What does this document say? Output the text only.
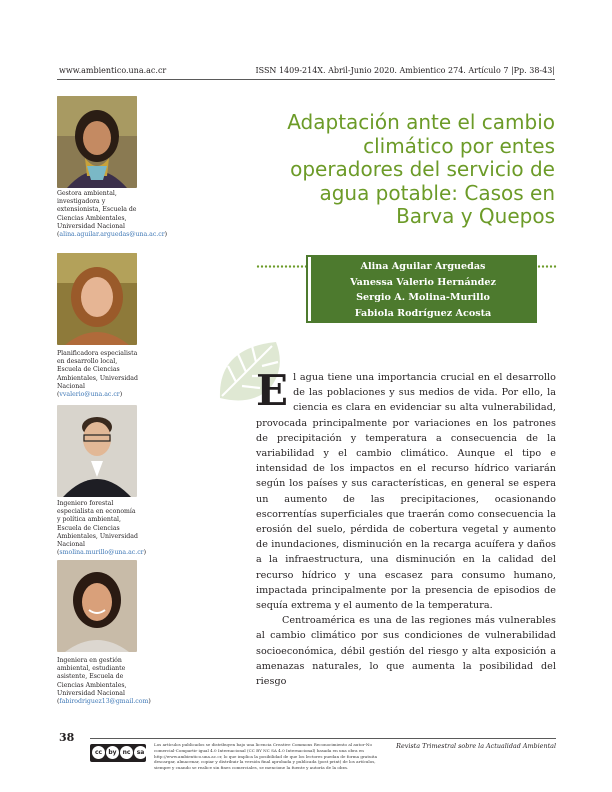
www.ambientico.una.ac.cr	ISSN 1409-214X. Abril-Junio 2020. Ambientico 274. Artículo 7 |Pp. 38-43|
Gestora ambiental, investigadora y extensionista, Escuela de Ciencias Ambientales, Universidad Nacional (alina.aguilar.arguedas@una.ac.cr)
Planificadora especialista en desarrollo local, Escuela de Ciencias Ambientales, Universidad Nacional (vvalerio@una.ac.cr)
Ingeniero forestal especialista en economía y política ambiental, Escuela de Ciencias Ambientales, Universidad Nacional (smolina.murillo@una.ac.cr)
Ingeniera en gestión ambiental, estudiante asistente, Escuela de Ciencias Ambientales, Universidad Nacional (fabirodriguez13@gmail.com)
Adaptación ante el cambio climático por entes operadores del servicio de agua potable: Casos en Barva y Quepos
Alina Aguilar Arguedas
Vanessa Valerio Hernández
Sergio A. Molina-Murillo
Fabiola Rodríguez Acosta

El agua tiene una importancia crucial en el desarrollo de las poblaciones y sus medios de vida. Por ello, la ciencia es clara en evidenciar su alta vulnerabilidad, provocada principalmente por variaciones en los patrones de precipitación y temperatura a consecuencia de la variabilidad y el cambio climático. Aunque el tipo e intensidad de los impactos en el recurso hídrico variarán según los países y sus características, en general se espera un aumento de las precipitaciones, ocasionando escorrentías superficiales que traerán como consecuencia la erosión del suelo, pérdida de cobertura vegetal y aumento de inundaciones, disminución en la recarga acuífera y daños a la infraestructura, una disminución en la calidad del recurso hídrico y una escasez para consumo humano, impactada principalmente por la presencia de episodios de sequía extrema y el aumento de la temperatura.

Centroamérica es una de las regiones más vulnerables al cambio climático por sus condiciones de vulnerabilidad socioeconómica, débil gestión del riesgo y alta exposición a amenazas naturales, lo que aumenta la posibilidad del riesgo

38
cc	by nc	sa
Los artículos publicados se distribuyen bajo una licencia Creative Commons Reconocimiento al autor-No comercial-Compartir igual 4.0 Internacional (CC BY NC SA 4.0 Internacional) basada en una obra en http://www.ambientico.una.ac.cr, lo que implica la posibilidad de que los lectores puedan de forma gratuita descargar, almacenar, copiar y distribuir la versión final aprobada y publicada (post print) de los artículos, siempre y cuando se realice sin fines comerciales, se mencione la fuente y autoría de la obra.
Revista Trimestral sobre la Actualidad Ambiental
